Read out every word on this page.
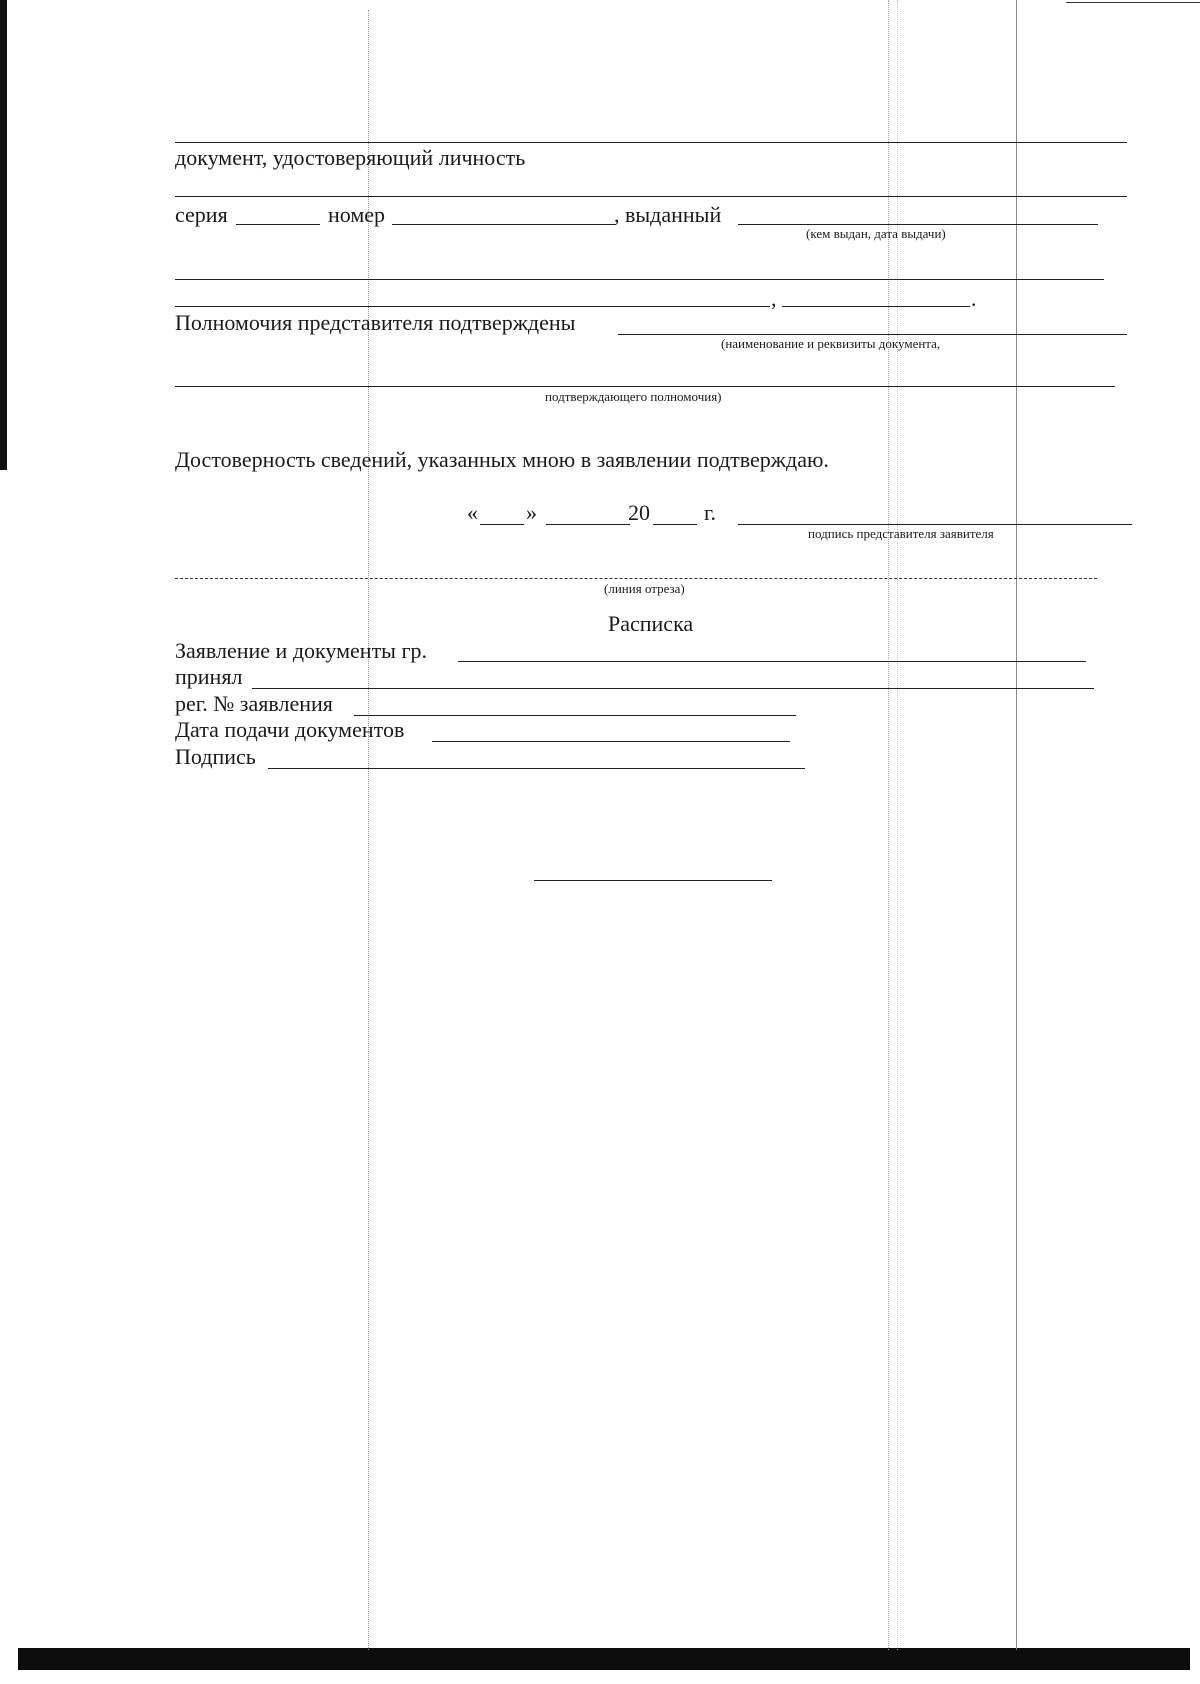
документ, удостоверяющий личность
серия	номер	, выданный
(кем выдан, дата выдачи)
,	.
Полномочия представителя подтверждены
(наименование и реквизиты документа,
подтверждающего полномочия)
Достоверность сведений, указанных мною в заявлении подтверждаю.
« »	20 г.
подпись представителя заявителя
(линия отреза)
Расписка
Заявление и документы гр.
принял
рег. № заявления
Дата подачи документов
Подпись
